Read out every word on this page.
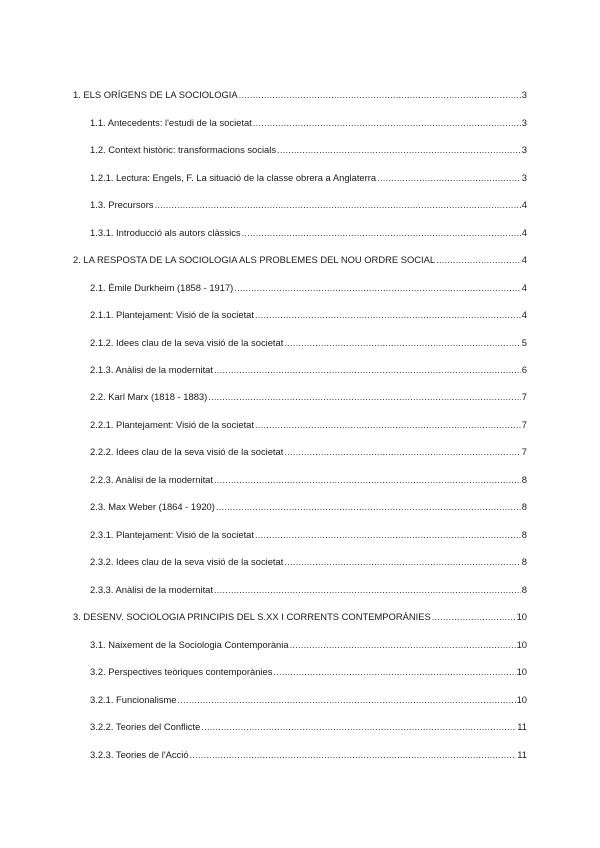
1. ELS ORÍGENS DE LA SOCIOLOGIA .....	3
1.1. Antecedents: l'estudi de la societat .....	3
1.2. Context històric: transformacions socials .....	3
1.2.1. Lectura: Engels, F. La situació de la classe obrera a Anglaterra .....	3
1.3. Precursors .....	4
1.3.1. Introducció als autors clàssics .....	4
2. LA RESPOSTA DE LA SOCIOLOGIA ALS PROBLEMES DEL NOU ORDRE SOCIAL .....	4
2.1. Émile Durkheim (1858 - 1917) .....	4
2.1.1. Plantejament: Visió de la societat .....	4
2.1.2. Idees clau de la seva visió de la societat .....	5
2.1.3. Anàlisi de la modernitat .....	6
2.2. Karl Marx (1818 - 1883) .....	7
2.2.1. Plantejament: Visió de la societat .....	7
2.2.2. Idees clau de la seva visió de la societat .....	7
2.2.3. Anàlisi de la modernitat .....	8
2.3. Max Weber (1864 - 1920) .....	8
2.3.1. Plantejament: Visió de la societat .....	8
2.3.2. Idees clau de la seva visió de la societat .....	8
2.3.3. Anàlisi de la modernitat .....	8
3. DESENV. SOCIOLOGIA PRINCIPIS DEL S.XX I CORRENTS CONTEMPORÀNIES .....	10
3.1. Naixement de la Sociologia Contemporània .....	10
3.2. Perspectives teòriques contemporànies .....	10
3.2.1. Funcionalisme .....	10
3.2.2. Teories del Conflicte .....	11
3.2.3. Teories de l'Acció .....	11
